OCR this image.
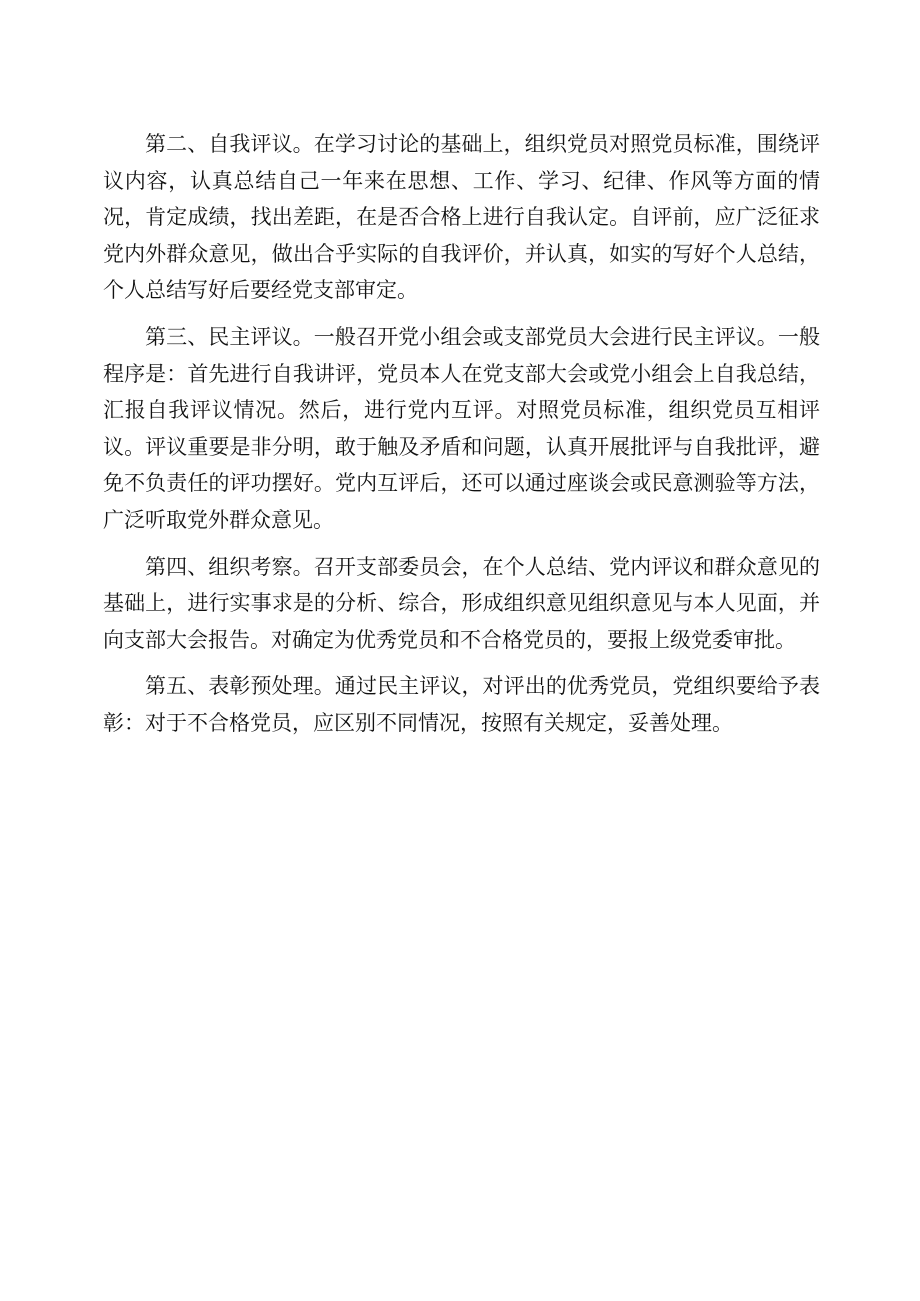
第二、自我评议。在学习讨论的基础上，组织党员对照党员标准，围绕评议内容，认真总结自己一年来在思想、工作、学习、纪律、作风等方面的情况，肯定成绩，找出差距，在是否合格上进行自我认定。自评前，应广泛征求党内外群众意见，做出合乎实际的自我评价，并认真，如实的写好个人总结，个人总结写好后要经党支部审定。

第三、民主评议。一般召开党小组会或支部党员大会进行民主评议。一般程序是：首先进行自我讲评，党员本人在党支部大会或党小组会上自我总结，汇报自我评议情况。然后，进行党内互评。对照党员标准，组织党员互相评议。评议重要是非分明，敢于触及矛盾和问题，认真开展批评与自我批评，避免不负责任的评功摆好。党内互评后，还可以通过座谈会或民意测验等方法，广泛听取党外群众意见。

第四、组织考察。召开支部委员会，在个人总结、党内评议和群众意见的基础上，进行实事求是的分析、综合，形成组织意见组织意见与本人见面，并向支部大会报告。对确定为优秀党员和不合格党员的，要报上级党委审批。

第五、表彰预处理。通过民主评议，对评出的优秀党员，党组织要给予表彰：对于不合格党员，应区别不同情况，按照有关规定，妥善处理。
